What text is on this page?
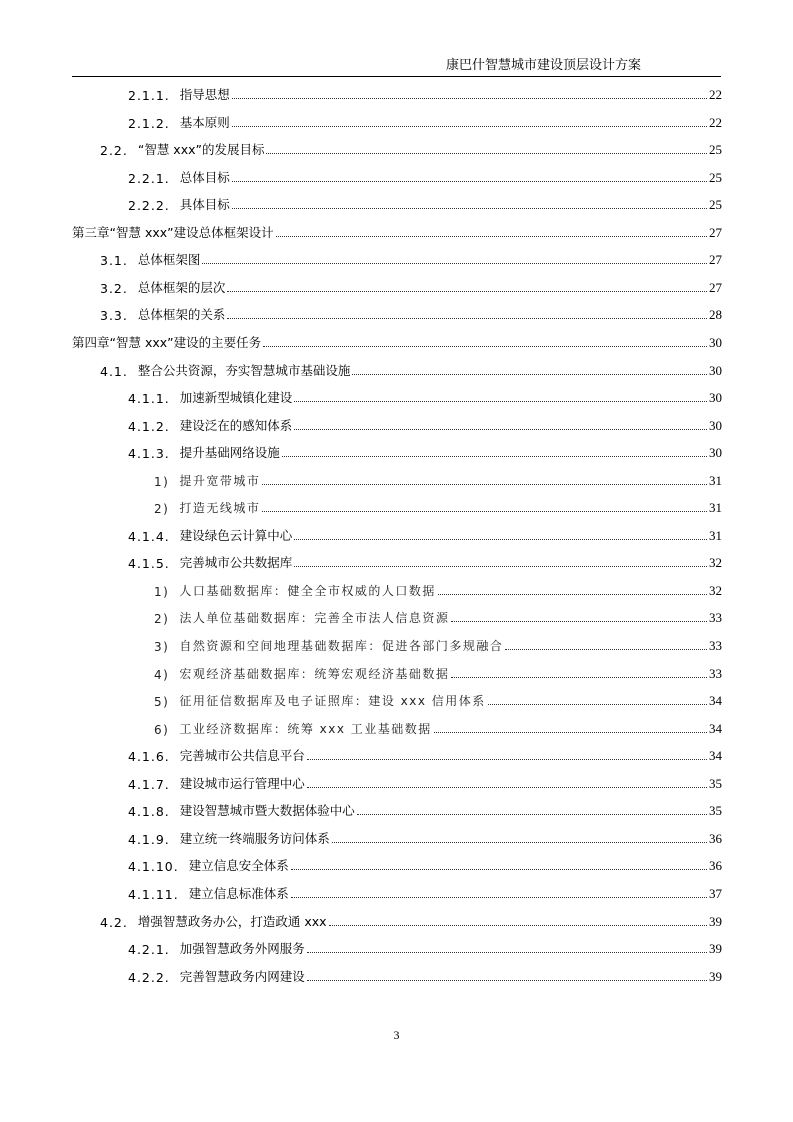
康巴什智慧城市建设顶层设计方案
2.1.1. 指导思想	22
2.1.2. 基本原则	22
2.2. “智慧 xxx”的发展目标	25
2.2.1. 总体目标	25
2.2.2. 具体目标	25
第三章“智慧 xxx”建设总体框架设计	27
3.1. 总体框架图	27
3.2. 总体框架的层次	27
3.3. 总体框架的关系	28
第四章“智慧 xxx”建设的主要任务	30
4.1. 整合公共资源，夯实智慧城市基础设施	30
4.1.1. 加速新型城镇化建设	30
4.1.2. 建设泛在的感知体系	30
4.1.3. 提升基础网络设施	30
1) 提升宽带城市	31
2) 打造无线城市	31
4.1.4. 建设绿色云计算中心	31
4.1.5. 完善城市公共数据库	32
1) 人口基础数据库：健全全市权威的人口数据	32
2) 法人单位基础数据库：完善全市法人信息资源	33
3) 自然资源和空间地理基础数据库：促进各部门多规融合	33
4) 宏观经济基础数据库：统筹宏观经济基础数据	33
5) 征用征信数据库及电子证照库：建设 xxx 信用体系	34
6) 工业经济数据库：统筹 xxx 工业基础数据	34
4.1.6. 完善城市公共信息平台	34
4.1.7. 建设城市运行管理中心	35
4.1.8. 建设智慧城市暨大数据体验中心	35
4.1.9. 建立统一终端服务访问体系	36
4.1.10. 建立信息安全体系	36
4.1.11. 建立信息标准体系	37
4.2. 增强智慧政务办公，打造政通 xxx	39
4.2.1. 加强智慧政务外网服务	39
4.2.2. 完善智慧政务内网建设	39
3
